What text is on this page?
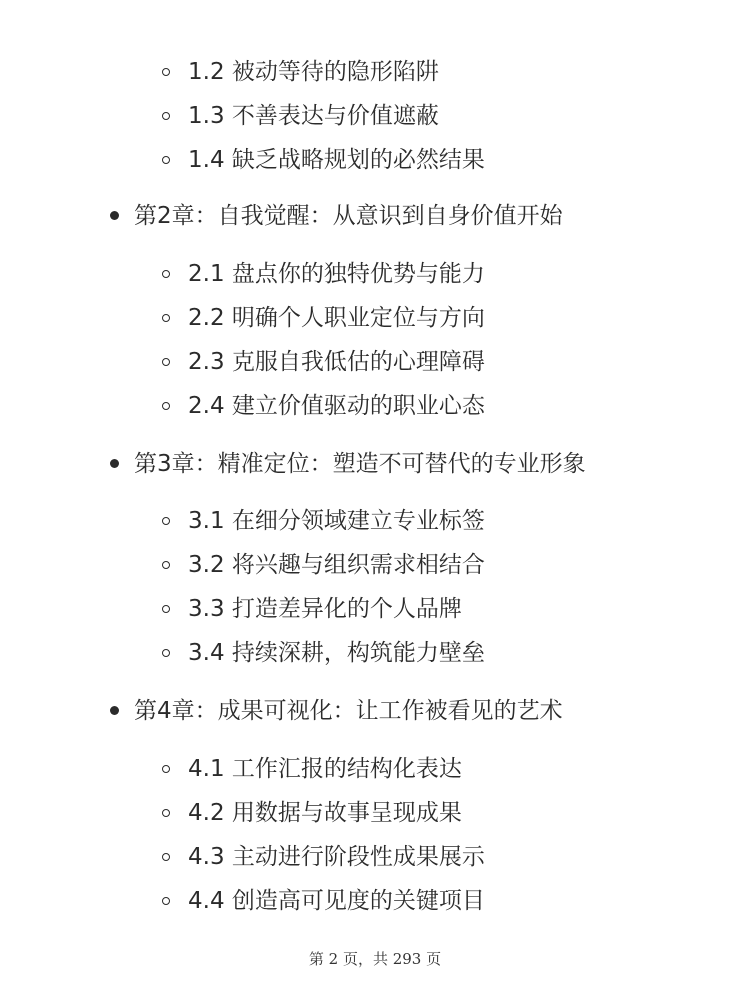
1.2 被动等待的隐形陷阱
1.3 不善表达与价值遮蔽
1.4 缺乏战略规划的必然结果
第2章：自我觉醒：从意识到自身价值开始
2.1 盘点你的独特优势与能力
2.2 明确个人职业定位与方向
2.3 克服自我低估的心理障碍
2.4 建立价值驱动的职业心态
第3章：精准定位：塑造不可替代的专业形象
3.1 在细分领域建立专业标签
3.2 将兴趣与组织需求相结合
3.3 打造差异化的个人品牌
3.4 持续深耕，构筑能力壁垒
第4章：成果可视化：让工作被看见的艺术
4.1 工作汇报的结构化表达
4.2 用数据与故事呈现成果
4.3 主动进行阶段性成果展示
4.4 创造高可见度的关键项目
第 2 页，共 293 页
